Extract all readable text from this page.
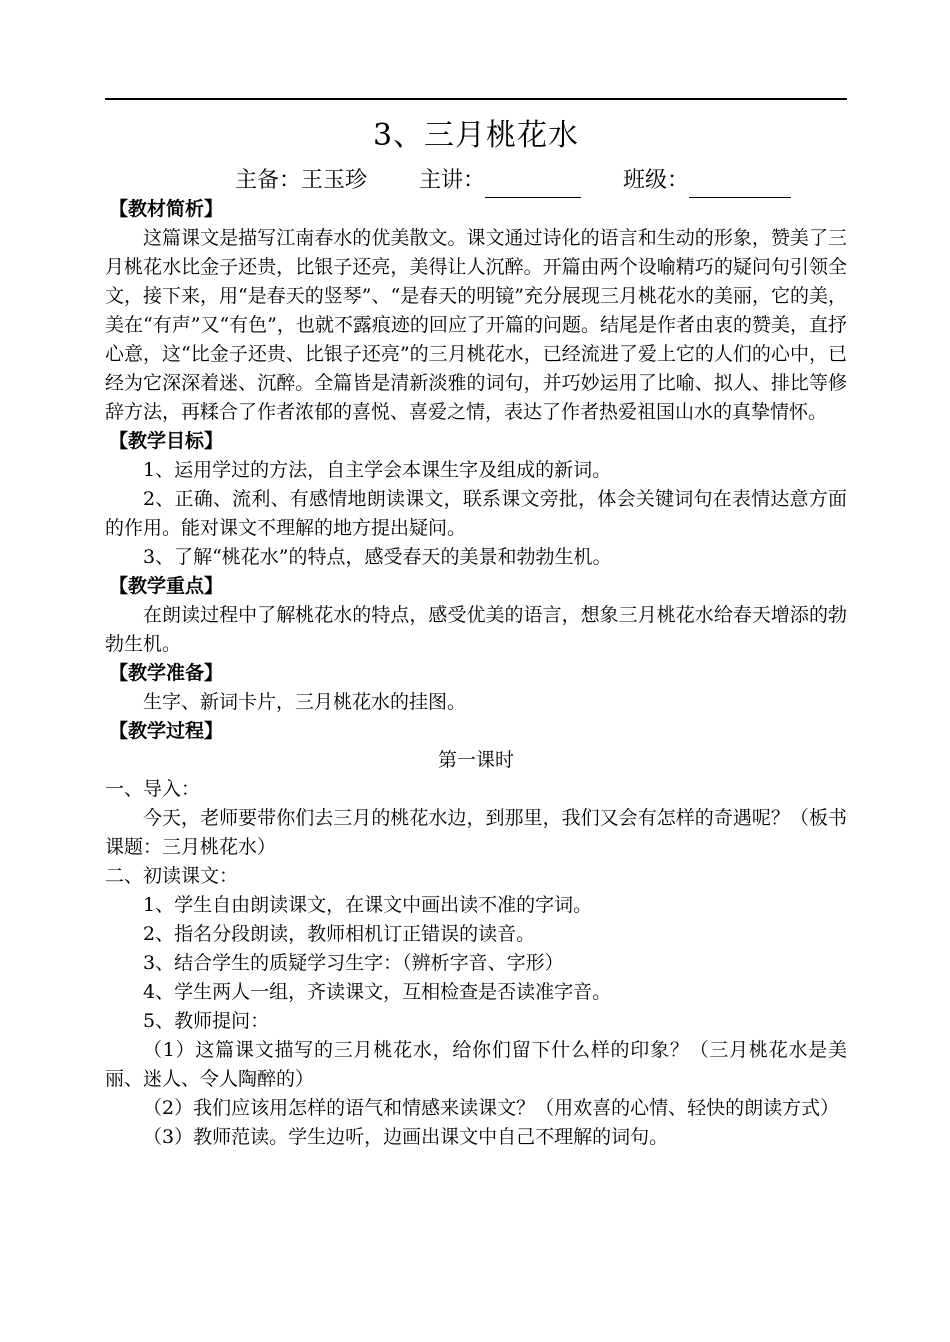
3、三月桃花水
主备：王玉珍 主讲：	班级：

【教材简析】

这篇课文是描写江南春水的优美散文。课文通过诗化的语言和生动的形象，赞美了三月桃花水比金子还贵，比银子还亮，美得让人沉醉。开篇由两个设喻精巧的疑问句引领全文，接下来，用“是春天的竖琴”、“是春天的明镜”充分展现三月桃花水的美丽，它的美，美在“有声”又“有色”，也就不露痕迹的回应了开篇的问题。结尾是作者由衷的赞美，直抒心意，这“比金子还贵、比银子还亮”的三月桃花水，已经流进了爱上它的人们的心中，已经为它深深着迷、沉醉。全篇皆是清新淡雅的词句，并巧妙运用了比喻、拟人、排比等修辞方法，再糅合了作者浓郁的喜悦、喜爱之情，表达了作者热爱祖国山水的真挚情怀。

【教学目标】

1、运用学过的方法，自主学会本课生字及组成的新词。

2、正确、流利、有感情地朗读课文，联系课文旁批，体会关键词句在表情达意方面的作用。能对课文不理解的地方提出疑问。

3、了解“桃花水”的特点，感受春天的美景和勃勃生机。

【教学重点】

在朗读过程中了解桃花水的特点，感受优美的语言，想象三月桃花水给春天增添的勃勃生机。

【教学准备】

生字、新词卡片，三月桃花水的挂图。

【教学过程】

第一课时

一、导入：

今天，老师要带你们去三月的桃花水边，到那里，我们又会有怎样的奇遇呢？（板书课题：三月桃花水）

二、初读课文：

1、学生自由朗读课文，在课文中画出读不准的字词。

2、指名分段朗读，教师相机订正错误的读音。

3、结合学生的质疑学习生字：（辨析字音、字形）

4、学生两人一组，齐读课文，互相检查是否读准字音。

5、教师提问：

（1）这篇课文描写的三月桃花水，给你们留下什么样的印象？（三月桃花水是美丽、迷人、令人陶醉的）

（2）我们应该用怎样的语气和情感来读课文？（用欢喜的心情、轻快的朗读方式）

（3）教师范读。学生边听，边画出课文中自己不理解的词句。
